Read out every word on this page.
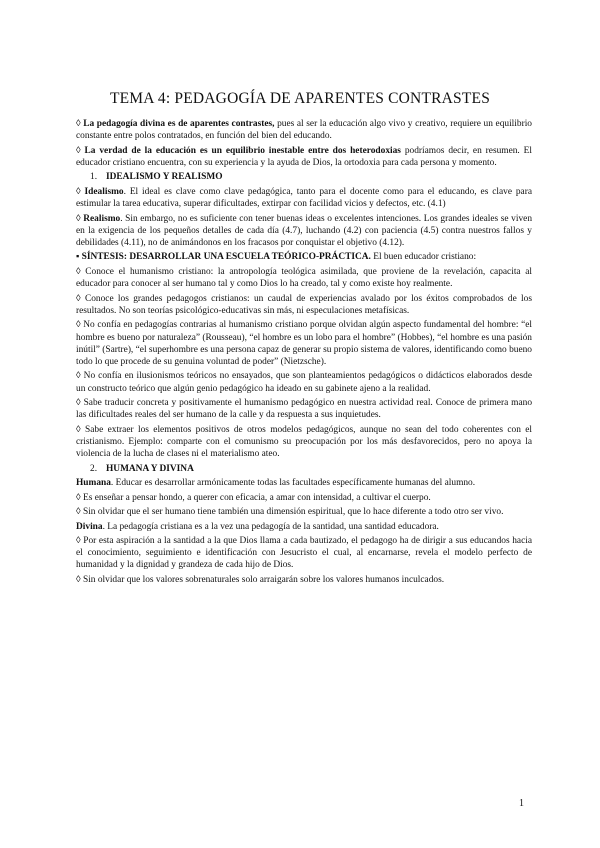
TEMA 4: PEDAGOGÍA DE APARENTES CONTRASTES

◊ La pedagogía divina es de aparentes contrastes, pues al ser la educación algo vivo y creativo, requiere un equilibrio constante entre polos contratados, en función del bien del educando.

◊ La verdad de la educación es un equilibrio inestable entre dos heterodoxias podríamos decir, en resumen. El educador cristiano encuentra, con su experiencia y la ayuda de Dios, la ortodoxia para cada persona y momento.

1. IDEALISMO Y REALISMO

◊ Idealismo. El ideal es clave como clave pedagógica, tanto para el docente como para el educando, es clave para estimular la tarea educativa, superar dificultades, extirpar con facilidad vicios y defectos, etc. (4.1)

◊ Realismo. Sin embargo, no es suficiente con tener buenas ideas o excelentes intenciones. Los grandes ideales se viven en la exigencia de los pequeños detalles de cada día (4.7), luchando (4.2) con paciencia (4.5) contra nuestros fallos y debilidades (4.11), no de animándonos en los fracasos por conquistar el objetivo (4.12).

▪ SÍNTESIS: DESARROLLAR UNA ESCUELA TEÓRICO-PRÁCTICA. El buen educador cristiano:

◊ Conoce el humanismo cristiano: la antropología teológica asimilada, que proviene de la revelación, capacita al educador para conocer al ser humano tal y como Dios lo ha creado, tal y como existe hoy realmente.

◊ Conoce los grandes pedagogos cristianos: un caudal de experiencias avalado por los éxitos comprobados de los resultados. No son teorías psicológico-educativas sin más, ni especulaciones metafísicas.

◊ No confía en pedagogías contrarias al humanismo cristiano porque olvidan algún aspecto fundamental del hombre: “el hombre es bueno por naturaleza” (Rousseau), “el hombre es un lobo para el hombre” (Hobbes), “el hombre es una pasión inútil” (Sartre), “el superhombre es una persona capaz de generar su propio sistema de valores, identificando como bueno todo lo que procede de su genuina voluntad de poder” (Nietzsche).

◊ No confía en ilusionismos teóricos no ensayados, que son planteamientos pedagógicos o didácticos elaborados desde un constructo teórico que algún genio pedagógico ha ideado en su gabinete ajeno a la realidad.

◊ Sabe traducir concreta y positivamente el humanismo pedagógico en nuestra actividad real. Conoce de primera mano las dificultades reales del ser humano de la calle y da respuesta a sus inquietudes.

◊ Sabe extraer los elementos positivos de otros modelos pedagógicos, aunque no sean del todo coherentes con el cristianismo. Ejemplo: comparte con el comunismo su preocupación por los más desfavorecidos, pero no apoya la violencia de la lucha de clases ni el materialismo ateo.

2. HUMANA Y DIVINA

Humana. Educar es desarrollar armónicamente todas las facultades específicamente humanas del alumno.

◊ Es enseñar a pensar hondo, a querer con eficacia, a amar con intensidad, a cultivar el cuerpo.

◊ Sin olvidar que el ser humano tiene también una dimensión espiritual, que lo hace diferente a todo otro ser vivo.

Divina. La pedagogía cristiana es a la vez una pedagogía de la santidad, una santidad educadora.

◊ Por esta aspiración a la santidad a la que Dios llama a cada bautizado, el pedagogo ha de dirigir a sus educandos hacia el conocimiento, seguimiento e identificación con Jesucristo el cual, al encarnarse, revela el modelo perfecto de humanidad y la dignidad y grandeza de cada hijo de Dios.

◊ Sin olvidar que los valores sobrenaturales solo arraigarán sobre los valores humanos inculcados.

1
